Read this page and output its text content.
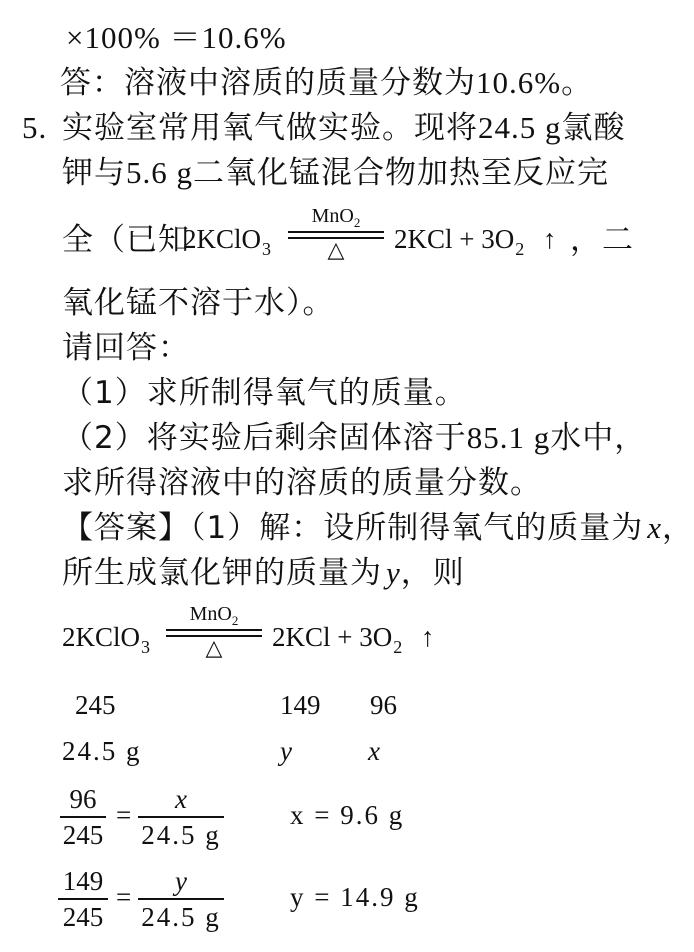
×100% ＝10.6%
答：溶液中溶质的质量分数为10.6%。
5. 实验室常用氧气做实验。现将24.5 g氯酸
钾与5.6 g二氧化锰混合物加热至反应完
全（已知
2KClO$_3$
MnO$_2$
△	$2KCl + 3O_2$ ↑ ，二
氧化锰不溶于水）。
请回答：
（1）求所制得氧气的质量。
（2）将实验后剩余固体溶于85.1 g水中，
求所得溶液中的溶质的质量分数。
【答案】（1）解：设所制得氧气的质量为 x，
所生成氯化钾的质量为 y，则
2KClO$_3$
MnO$_2$
△	$2KCl + 3O_2$ ↑
245	149 96
24.5 g	y	x
$\frac{96}{245} = \frac{x}{24.5 g}$ x = 9.6 g
$\frac{149}{245} = \frac{y}{24.5 g}$ y = 14.9 g
